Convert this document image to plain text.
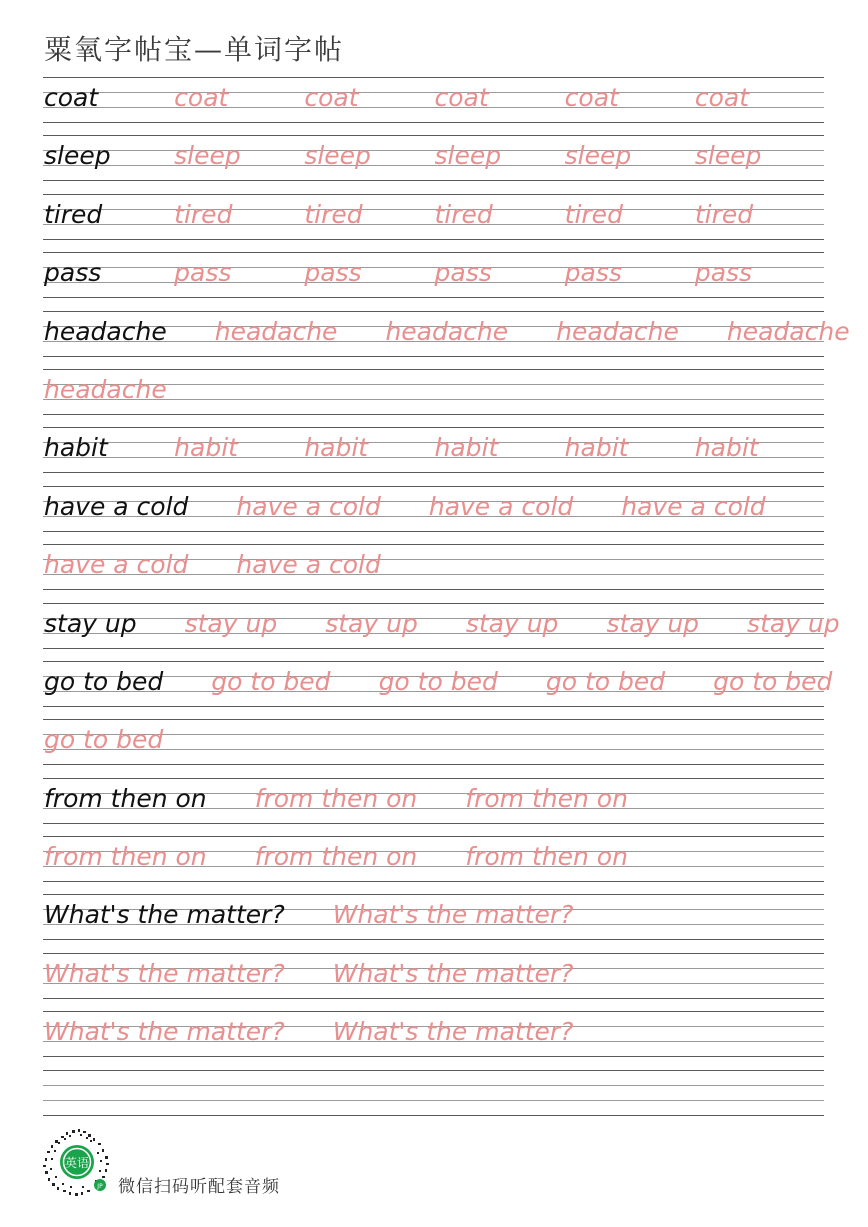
粟氧字帖宝—单词字帖
coat	coat	coat	coat	coat	coat
sleep	sleep	sleep	sleep	sleep	sleep
tired	tired	tired	tired	tired	tired
pass	pass	pass	pass	pass	pass
headache headache headache headache headache
headache
habit	habit	habit	habit	habit	habit
have a cold have a cold have a cold have a cold
have a cold have a cold
stay up stay up stay up stay up stay up stay up
go to bed go to bed go to bed go to bed go to bed
go to bed
from then on from then on from then on
from then on from then on from then on
What's the matter? What's the matter?
What's the matter? What's the matter?
What's the matter? What's the matter?
英语
JP 微信扫码听配套音频
